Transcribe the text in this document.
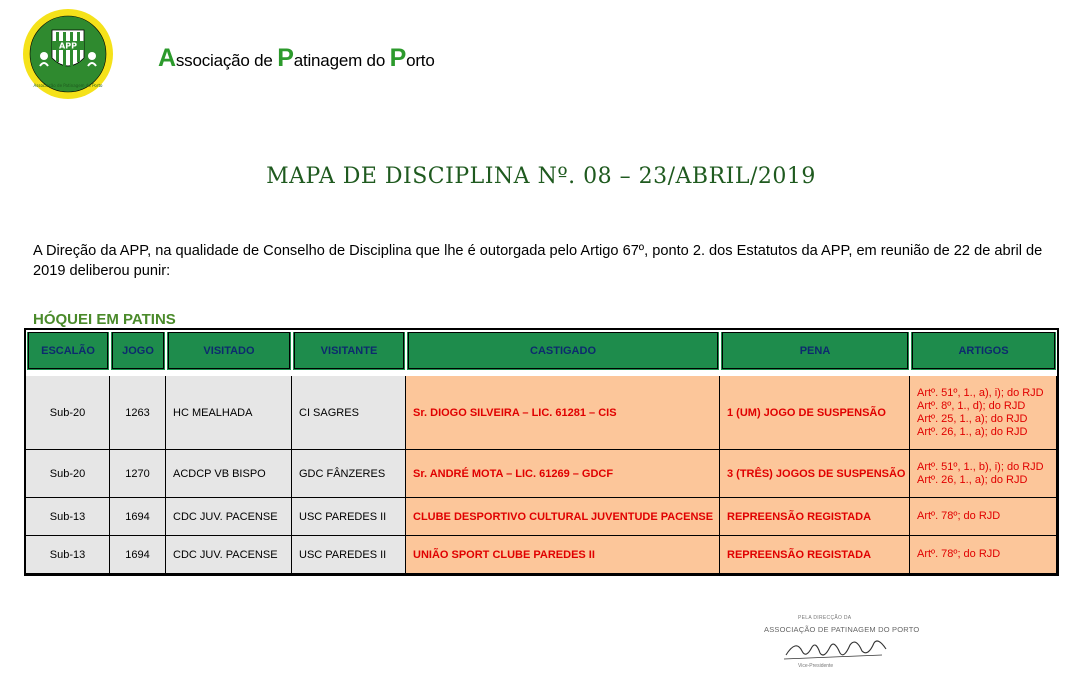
APP
Associação de Patinagem do Porto
Associação de Patinagem do Porto
MAPA DE DISCIPLINA Nº. 08 – 23/ABRIL/2019
A Direção da APP, na qualidade de Conselho de Disciplina que lhe é outorgada pelo Artigo 67º, ponto 2. dos Estatutos da APP, em reunião de 22 de abril de 2019 deliberou punir:
HÓQUEI EM PATINS
ESCALÃO	JOGO	VISITADO	VISITANTE	CASTIGADO	PENA	ARTIGOS

Sub-20	1263	HC MEALHADA	CI SAGRES	Sr. DIOGO SILVEIRA – LIC. 61281 – CIS	1 (UM) JOGO DE SUSPENSÃO	Artº. 51º, 1., a), i); do RJD
Artº. 8º, 1., d); do RJD
Artº. 25, 1., a); do RJD
Artº. 26, 1., a); do RJD

Sub-20	1270	ACDCP VB BISPO	GDC FÂNZERES	Sr. ANDRÉ MOTA – LIC. 61269 – GDCF	3 (TRÊS) JOGOS DE SUSPENSÃO	Artº. 51º, 1., b), i); do RJD
Artº. 26, 1., a); do RJD

Sub-13	1694	CDC JUV. PACENSE	USC PAREDES II	CLUBE DESPORTIVO CULTURAL JUVENTUDE PACENSE	REPREENSÃO REGISTADA	Artº. 78º; do RJD

Sub-13	1694	CDC JUV. PACENSE	USC PAREDES II	UNIÃO SPORT CLUBE PAREDES II	REPREENSÃO REGISTADA	Artº. 78º; do RJD
PELA DIRECÇÃO DA
ASSOCIAÇÃO DE PATINAGEM DO PORTO
Vice-Presidente
